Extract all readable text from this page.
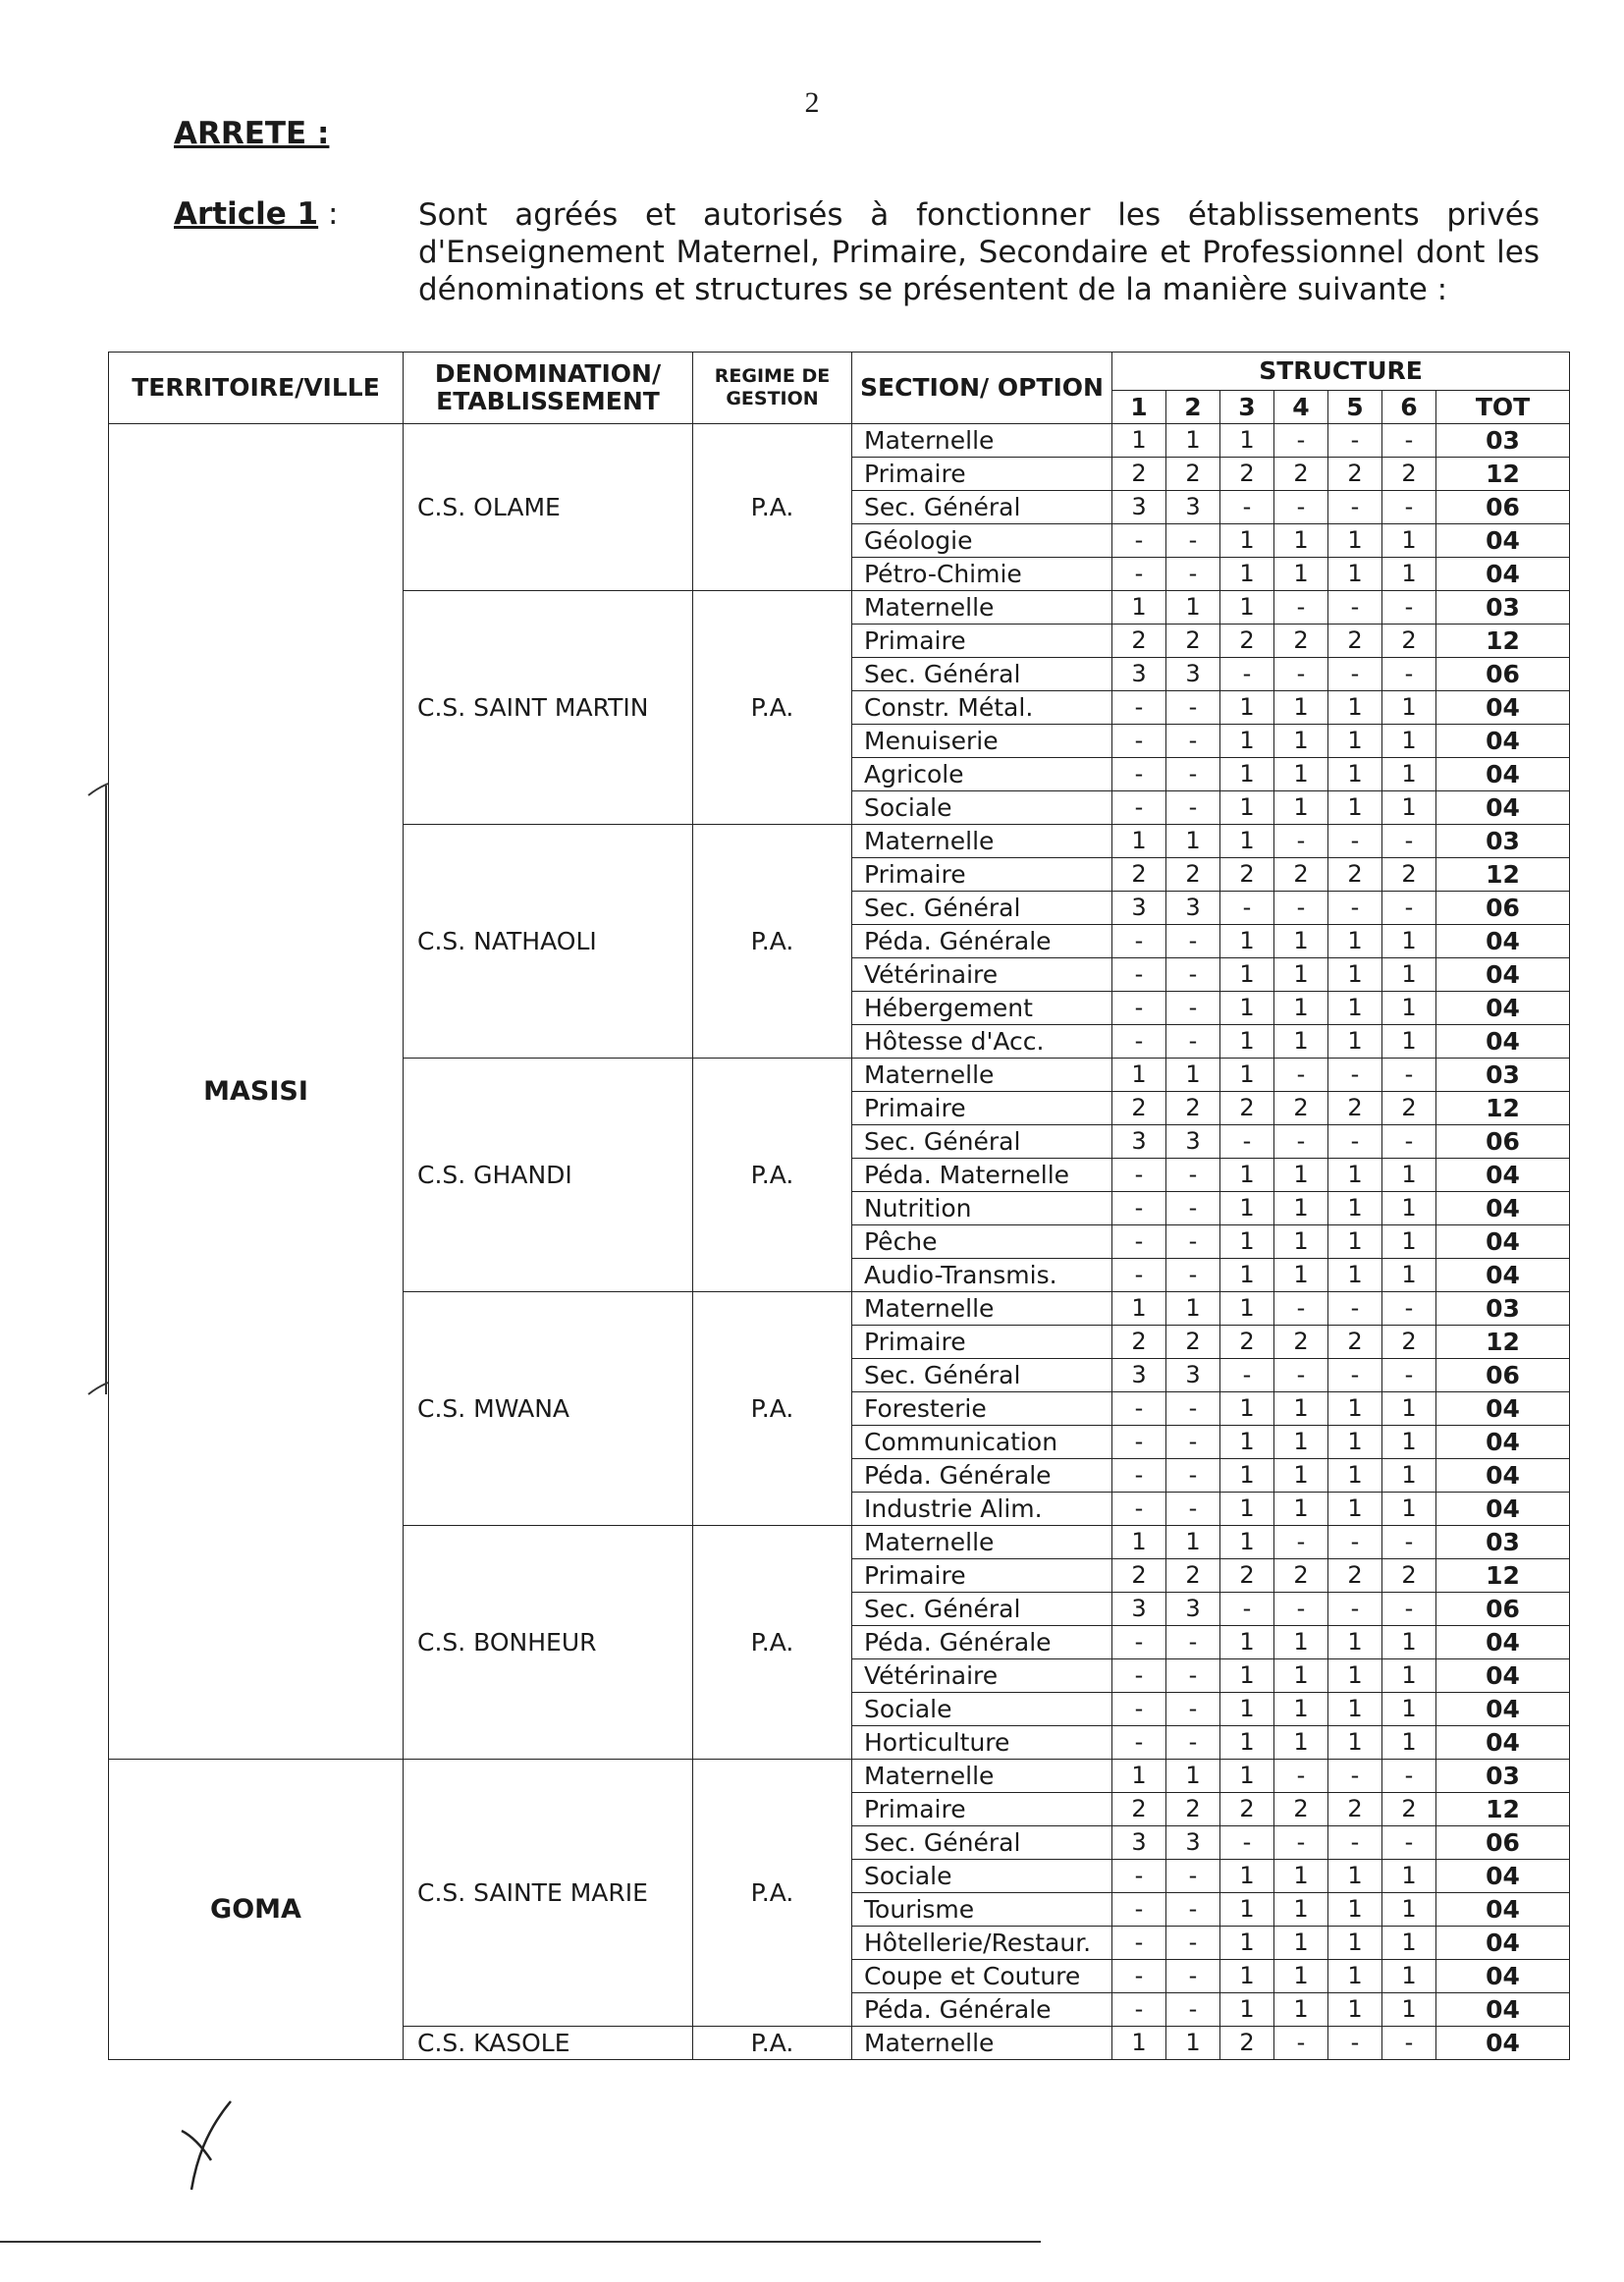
2
ARRETE :
Article 1 :	Sont agréés et autorisés à fonctionner les établissements privés d'Enseignement Maternel, Primaire, Secondaire et Professionnel dont les dénominations et structures se présentent de la manière suivante :
TERRITOIRE/VILLE	DENOMINATION/ ETABLISSEMENT	REGIME DE GESTION	SECTION/ OPTION	STRUCTURE						
				1	2	3	4	5	6	TOT
MASISI	C.S. OLAME	P.A.	Maternelle	1	1	1	-	-	-	03
			Primaire	2	2	2	2	2	2	12
			Sec. Général	3	3	-	-	-	-	06
			Géologie	-	-	1	1	1	1	04
			Pétro-Chimie	-	-	1	1	1	1	04
	C.S. SAINT MARTIN	P.A.	Maternelle	1	1	1	-	-	-	03
			Primaire	2	2	2	2	2	2	12
			Sec. Général	3	3	-	-	-	-	06
			Constr. Métal.	-	-	1	1	1	1	04
			Menuiserie	-	-	1	1	1	1	04
			Agricole	-	-	1	1	1	1	04
			Sociale	-	-	1	1	1	1	04
	C.S. NATHAOLI	P.A.	Maternelle	1	1	1	-	-	-	03
			Primaire	2	2	2	2	2	2	12
			Sec. Général	3	3	-	-	-	-	06
			Péda. Générale	-	-	1	1	1	1	04
			Vétérinaire	-	-	1	1	1	1	04
			Hébergement	-	-	1	1	1	1	04
			Hôtesse d'Acc.	-	-	1	1	1	1	04
	C.S. GHANDI	P.A.	Maternelle	1	1	1	-	-	-	03
			Primaire	2	2	2	2	2	2	12
			Sec. Général	3	3	-	-	-	-	06
			Péda. Maternelle	-	-	1	1	1	1	04
			Nutrition	-	-	1	1	1	1	04
			Pêche	-	-	1	1	1	1	04
			Audio-Transmis.	-	-	1	1	1	1	04
	C.S. MWANA	P.A.	Maternelle	1	1	1	-	-	-	03
			Primaire	2	2	2	2	2	2	12
			Sec. Général	3	3	-	-	-	-	06
			Foresterie	-	-	1	1	1	1	04
			Communication	-	-	1	1	1	1	04
			Péda. Générale	-	-	1	1	1	1	04
			Industrie Alim.	-	-	1	1	1	1	04
	C.S. BONHEUR	P.A.	Maternelle	1	1	1	-	-	-	03
			Primaire	2	2	2	2	2	2	12
			Sec. Général	3	3	-	-	-	-	06
			Péda. Générale	-	-	1	1	1	1	04
			Vétérinaire	-	-	1	1	1	1	04
			Sociale	-	-	1	1	1	1	04
			Horticulture	-	-	1	1	1	1	04
GOMA	C.S. SAINTE MARIE	P.A.	Maternelle	1	1	1	-	-	-	03
			Primaire	2	2	2	2	2	2	12
			Sec. Général	3	3	-	-	-	-	06
			Sociale	-	-	1	1	1	1	04
			Tourisme	-	-	1	1	1	1	04
			Hôtellerie/Restaur.	-	-	1	1	1	1	04
			Coupe et Couture	-	-	1	1	1	1	04
			Péda. Générale	-	-	1	1	1	1	04
	C.S. KASOLE	P.A.	Maternelle	1	1	2	-	-	-	04
